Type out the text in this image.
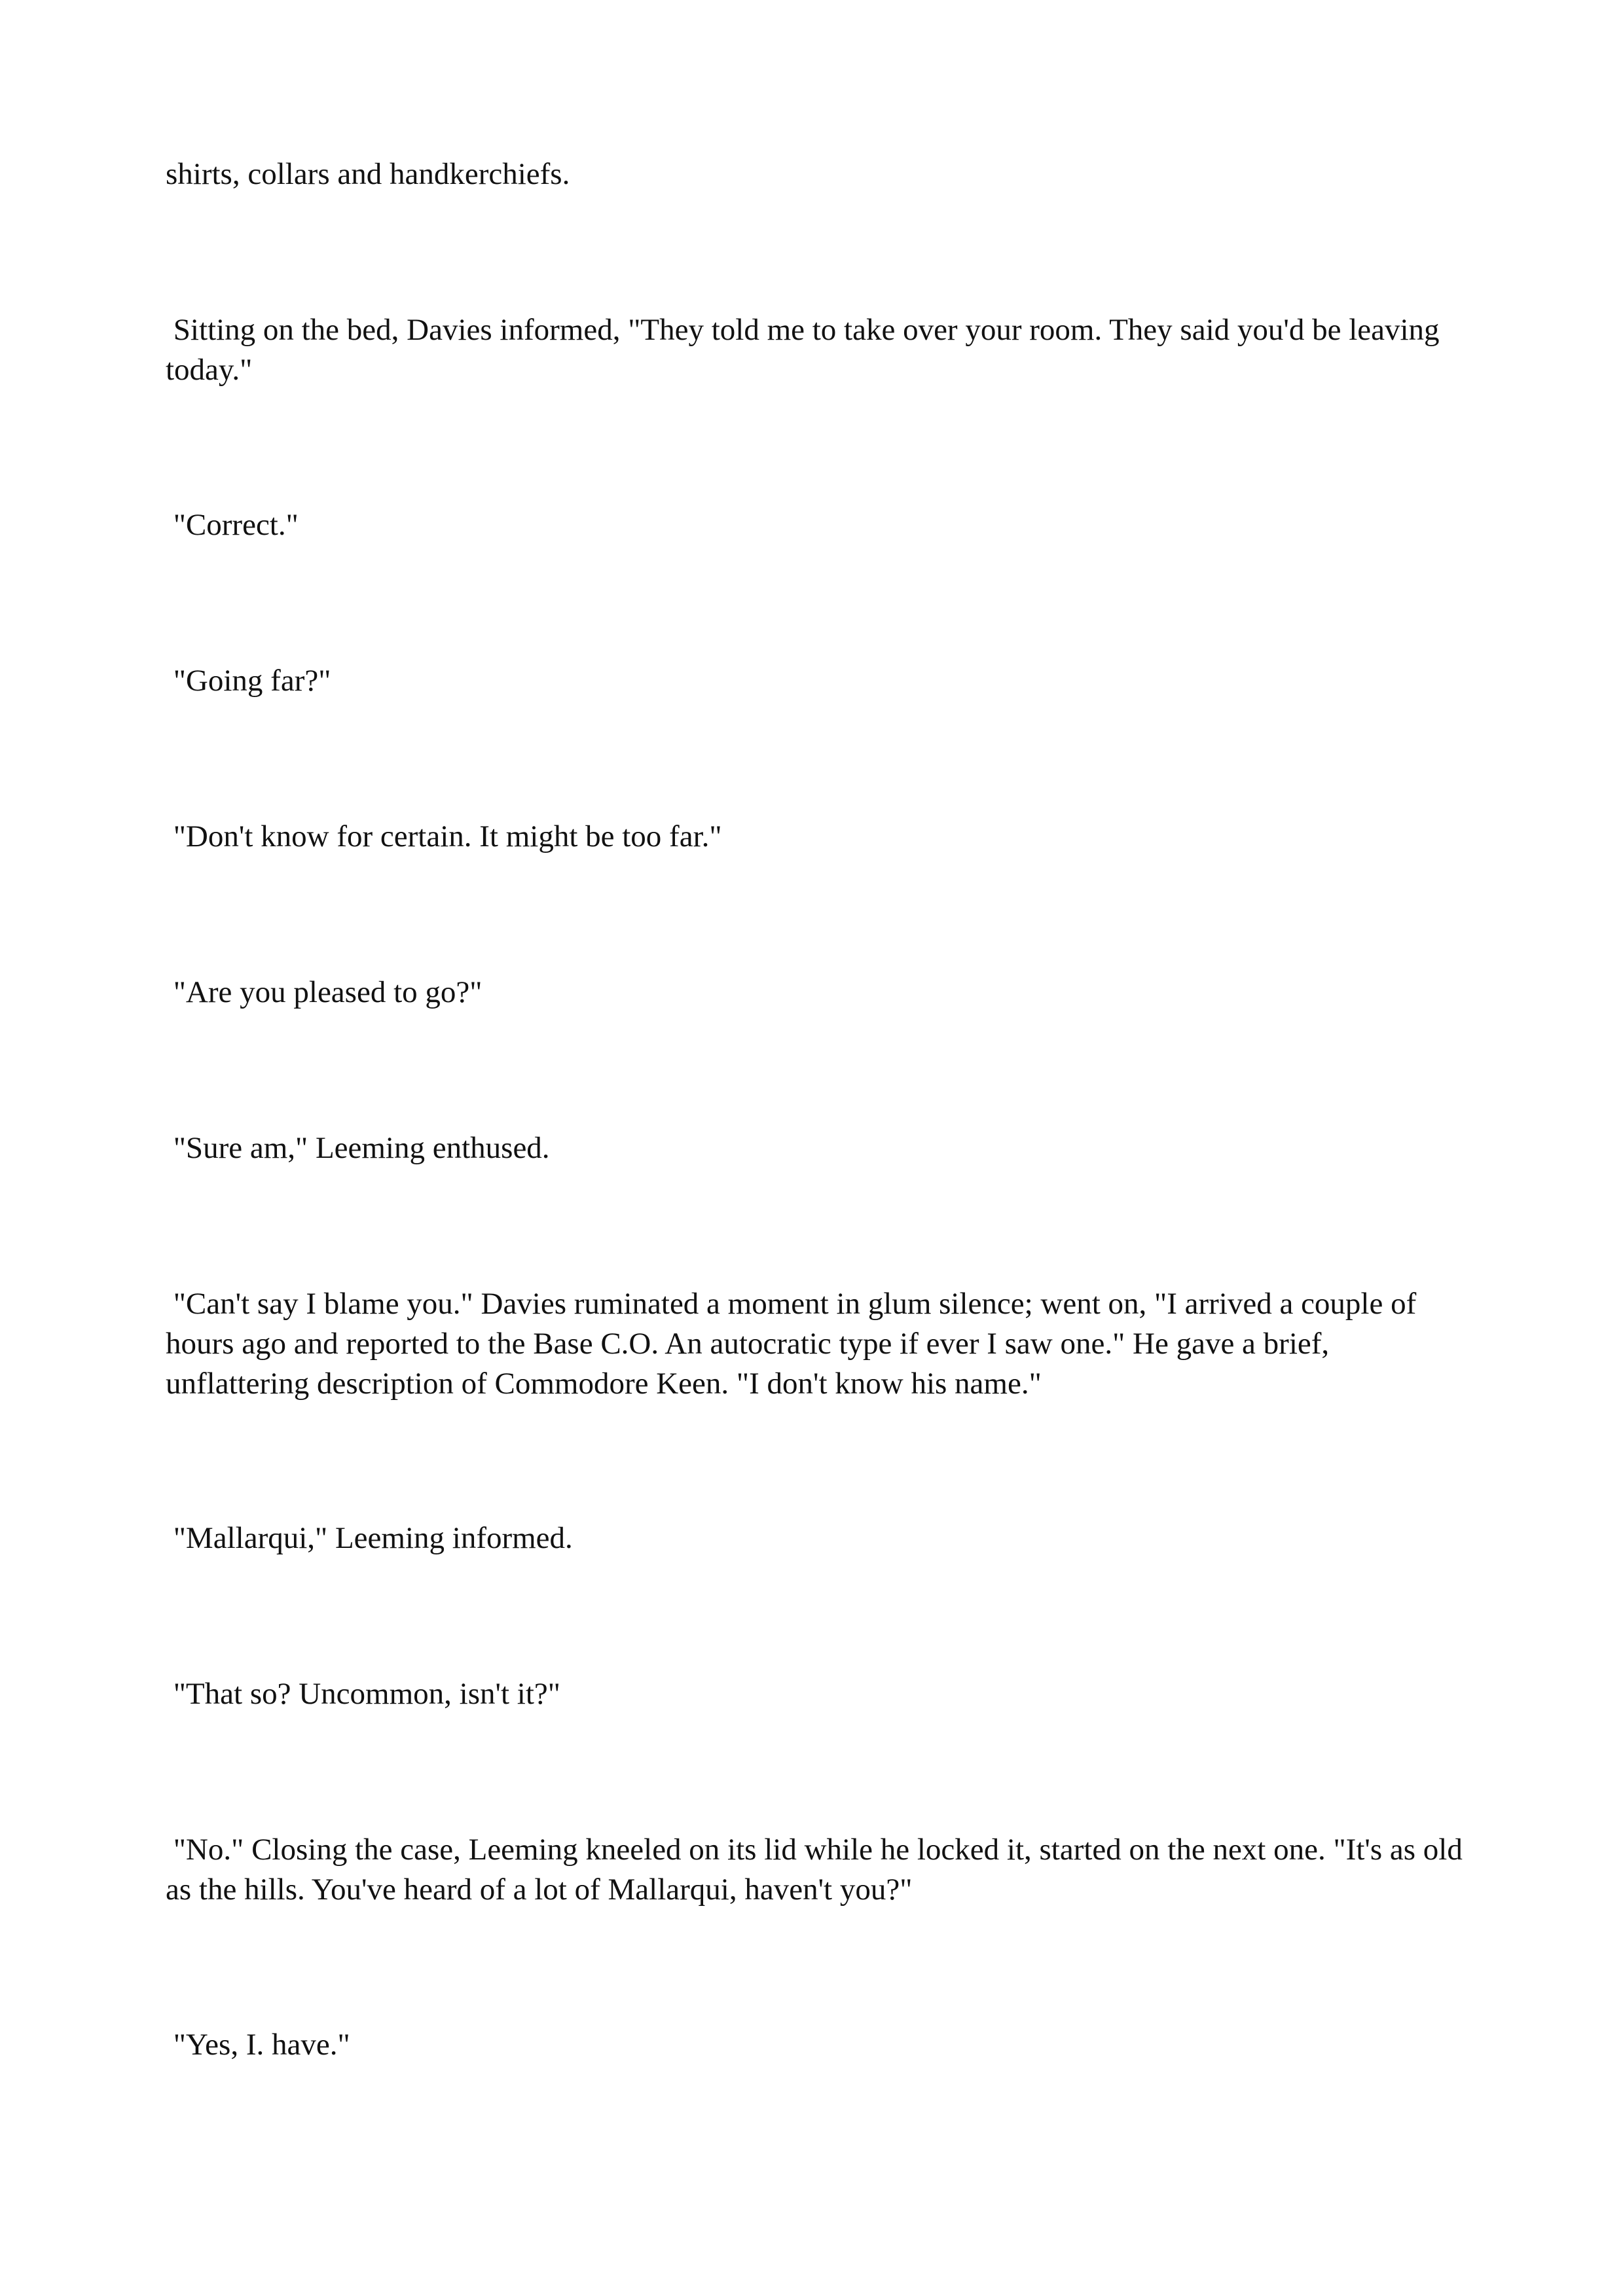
shirts, collars and handkerchiefs.

Sitting on the bed, Davies informed, "They told me to take over your room. They said you'd be leaving
today."

"Correct."

"Going far?"

"Don't know for certain. It might be too far."

"Are you pleased to go?"

"Sure am," Leeming enthused.

"Can't say I blame you." Davies ruminated a moment in glum silence; went on, "I arrived a couple of
hours ago and reported to the Base C.O. An autocratic type if ever I saw one." He gave a brief,
unflattering description of Commodore Keen. "I don't know his name."

"Mallarqui," Leeming informed.

"That so? Uncommon, isn't it?"

"No." Closing the case, Leeming kneeled on its lid while he locked it, started on the next one. "It's as old
as the hills. You've heard of a lot of Mallarqui, haven't you?"

"Yes, I. have."
